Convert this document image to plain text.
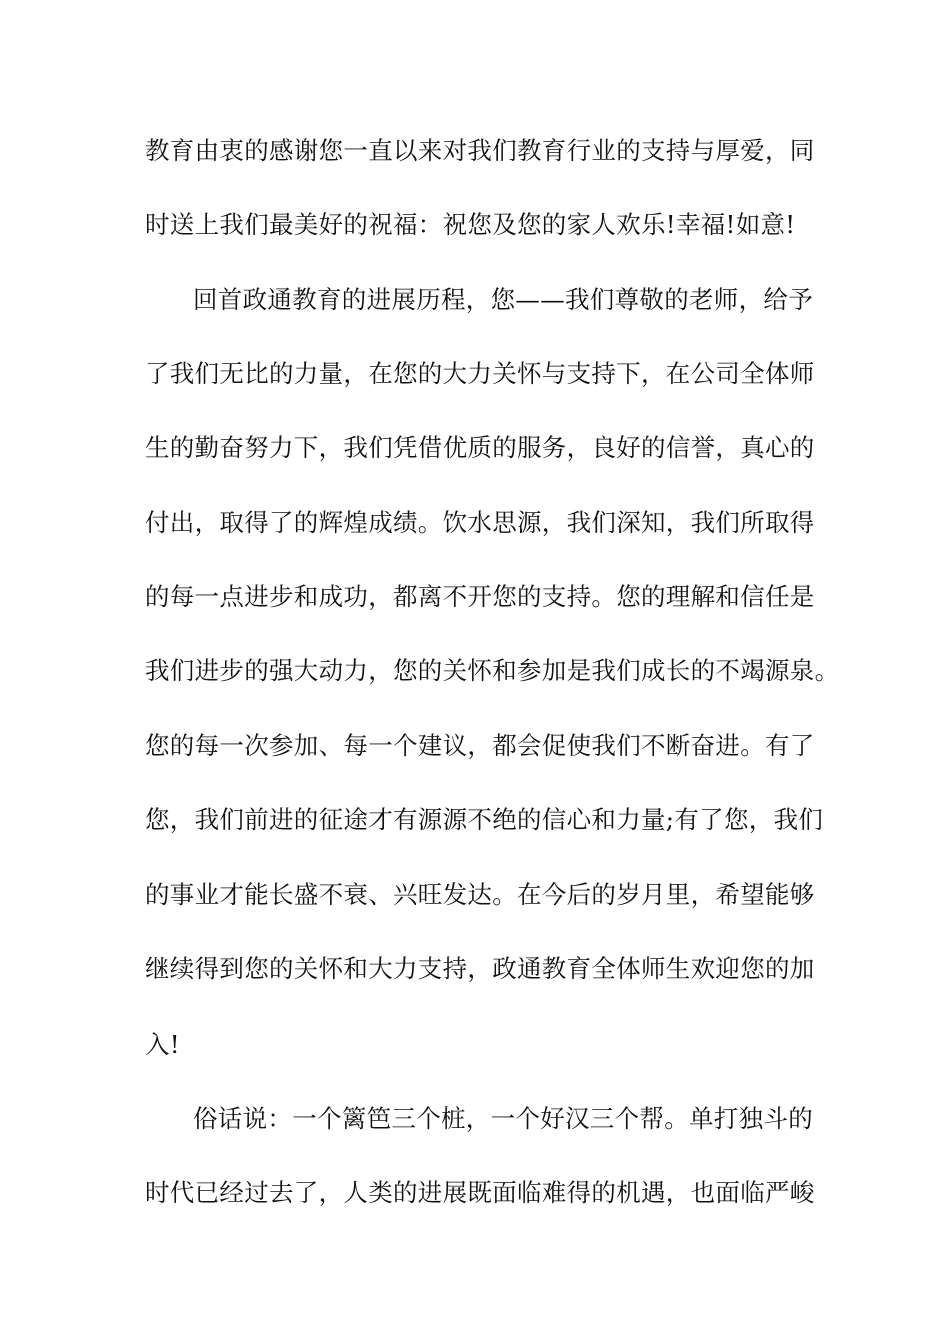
教育由衷的感谢您一直以来对我们教育行业的支持与厚爱，同
时送上我们最美好的祝福：祝您及您的家人欢乐!幸福!如意!
回首政通教育的进展历程，您——我们尊敬的老师，给予
了我们无比的力量，在您的大力关怀与支持下，在公司全体师
生的勤奋努力下，我们凭借优质的服务，良好的信誉，真心的
付出，取得了的辉煌成绩。饮水思源，我们深知，我们所取得
的每一点进步和成功，都离不开您的支持。您的理解和信任是
我们进步的强大动力，您的关怀和参加是我们成长的不竭源泉。
您的每一次参加、每一个建议，都会促使我们不断奋进。有了
您，我们前进的征途才有源源不绝的信心和力量;有了您，我们
的事业才能长盛不衰、兴旺发达。在今后的岁月里，希望能够
继续得到您的关怀和大力支持，政通教育全体师生欢迎您的加
入!
俗话说：一个篱笆三个桩，一个好汉三个帮。单打独斗的
时代已经过去了，人类的进展既面临难得的机遇，也面临严峻
